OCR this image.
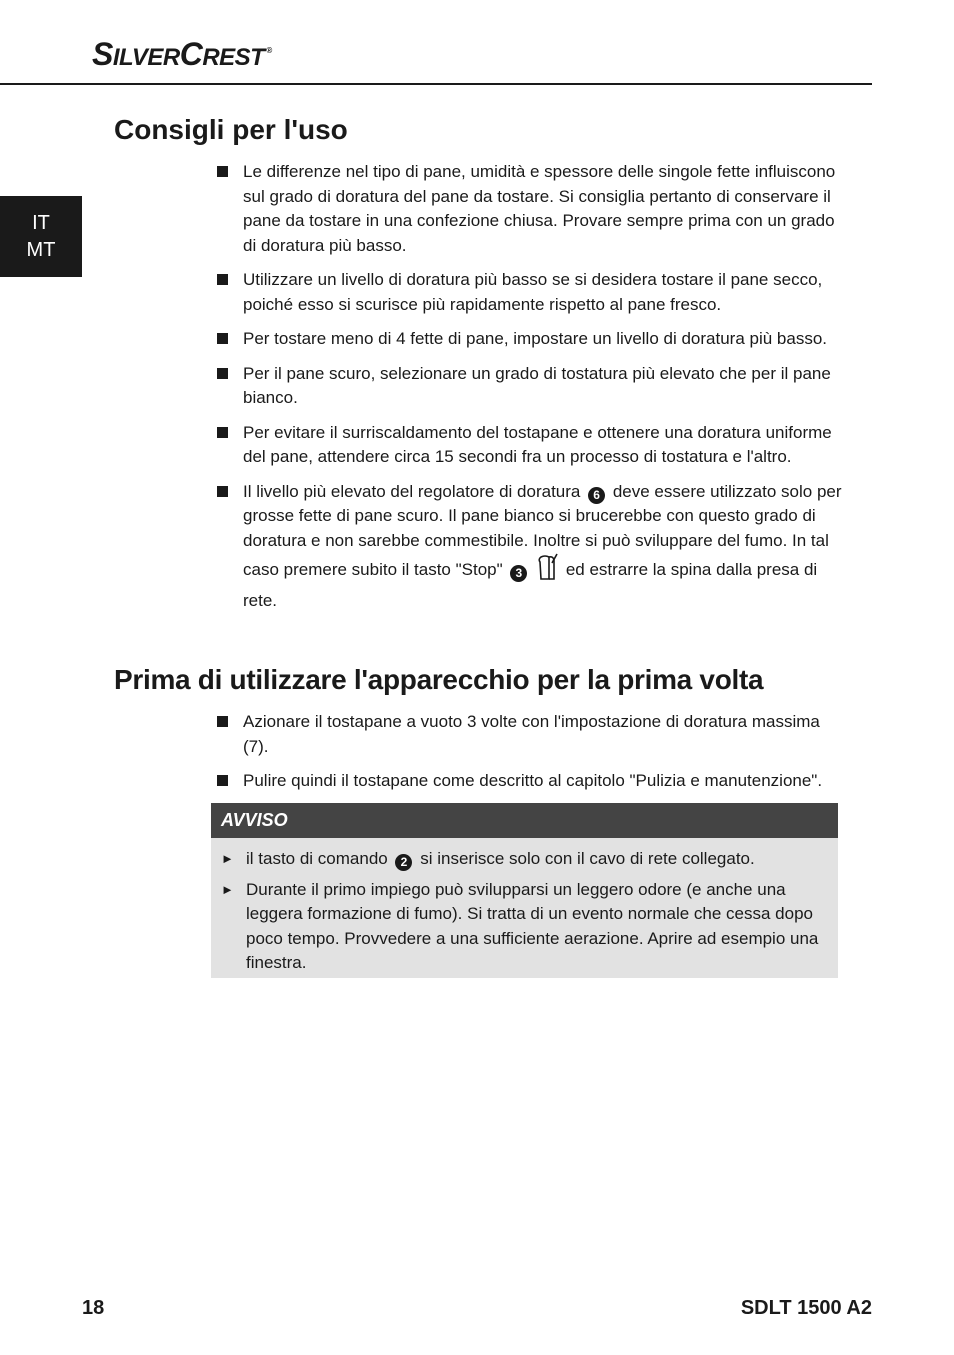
SILVERCREST ®
IT
MT
Consigli per l'uso
Le differenze nel tipo di pane, umidità e spessore delle singole fette influiscono sul grado di doratura del pane da tostare. Si consiglia pertanto di conservare il pane da tostare in una confezione chiusa. Provare sempre prima con un grado di doratura più basso.
Utilizzare un livello di doratura più basso se si desidera tostare il pane secco, poiché esso si scurisce più rapidamente rispetto al pane fresco.
Per tostare meno di 4 fette di pane, impostare un livello di doratura più basso.
Per il pane scuro, selezionare un grado di tostatura più elevato che per il pane bianco.
Per evitare il surriscaldamento del tostapane e ottenere una doratura uniforme del pane, attendere circa 15 secondi fra un processo di tostatura e l'altro.
Il livello più elevato del regolatore di doratura 6 deve essere utilizzato solo per grosse fette di pane scuro. Il pane bianco si brucerebbe con questo grado di doratura e non sarebbe commestibile. Inoltre si può sviluppare del fumo. In tal caso premere subito il tasto "Stop" 3	ed estrarre la spina dalla presa di rete.
Prima di utilizzare l'apparecchio per la prima volta
Azionare il tostapane a vuoto 3 volte con l'impostazione di doratura massima (7).
Pulire quindi il tostapane come descritto al capitolo "Pulizia e manutenzione".
AVVISO
► il tasto di comando 2 si inserisce solo con il cavo di rete collegato.
► Durante il primo impiego può svilupparsi un leggero odore (e anche una leggera formazione di fumo). Si tratta di un evento normale che cessa dopo poco tempo. Provvedere a una sufficiente aerazione. Aprire ad esempio una finestra.
18	SDLT 1500 A2
